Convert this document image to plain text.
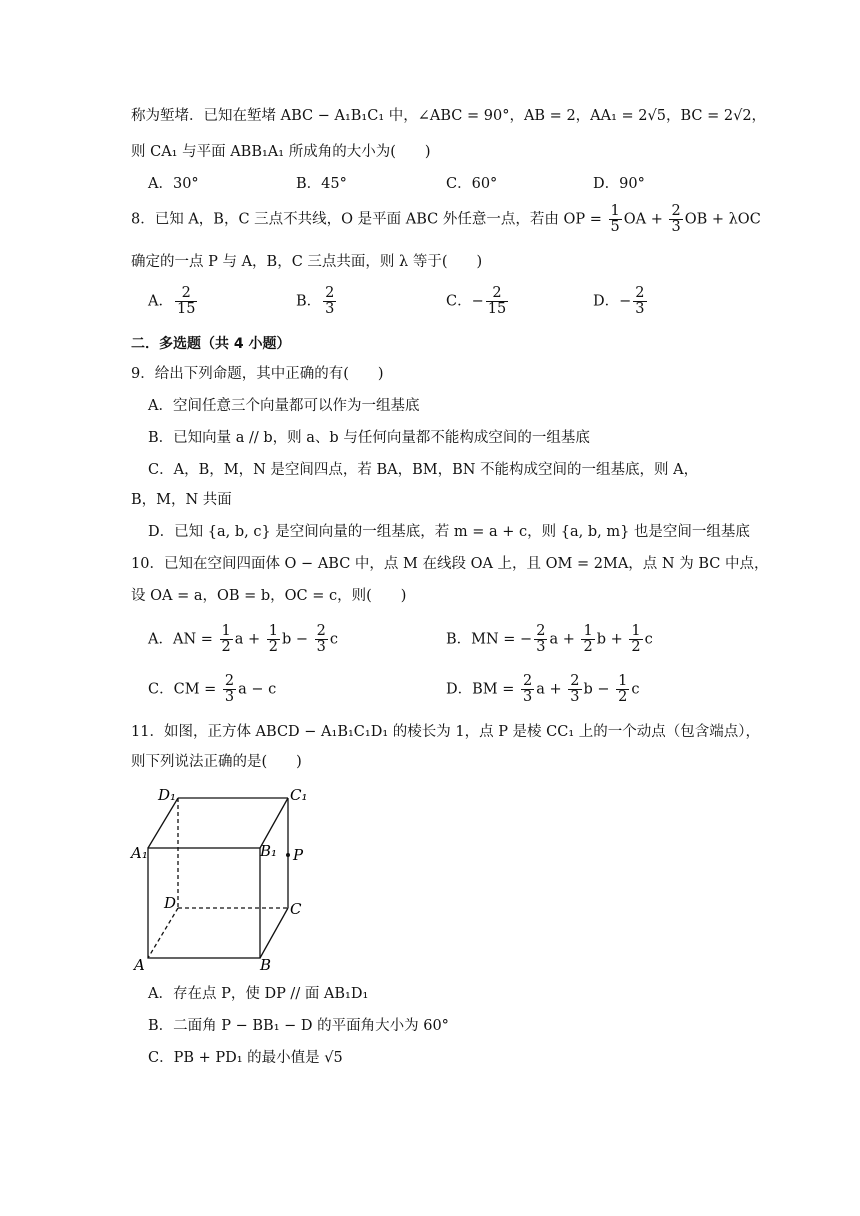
称为堑堵．已知在堑堵 ABC − A₁B₁C₁ 中，∠ABC = 90°，AB = 2，AA₁ = 2√5，BC = 2√2，
则 CA₁ 与平面 ABB₁A₁ 所成角的大小为(　　)
A．30°	B．45°	C．60°	D．90°
8．已知 A，B，C 三点不共线，O 是平面 ABC 外任意一点，若由 OP = $\frac{1}{5}$ OA + $\frac{2}{3}$ OB + λOC
确定的一点 P 与 A，B，C 三点共面，则 λ 等于(　　)
A． $\frac{2}{15}$	B． $\frac{2}{3}$	C．− $\frac{2}{15}$	D．− $\frac{2}{3}$
二．多选题（共 4 小题）
9．给出下列命题，其中正确的有(　　)
A．空间任意三个向量都可以作为一组基底
B．已知向量 a // b，则 a、b 与任何向量都不能构成空间的一组基底
C．A，B，M，N 是空间四点，若 BA，BM，BN 不能构成空间的一组基底，则 A，
B，M，N 共面
D．已知 {a, b, c} 是空间向量的一组基底，若 m = a + c，则 {a, b, m} 也是空间一组基底
10．已知在空间四面体 O − ABC 中，点 M 在线段 OA 上，且 OM = 2MA，点 N 为 BC 中点，
设 OA = a，OB = b，OC = c，则(　　)
A．AN = $\frac{1}{2}$ $a + \frac{1}{2}$ $b - \frac{2}{3}$ c	B．MN = − $\frac{2}{3}$ $a + \frac{1}{2}$ $b + \frac{1}{2}$ c
C．CM = $\frac{2}{3}$ a − c	D．BM = $\frac{2}{3}$ $a + \frac{2}{3}$ $b - \frac{1}{2}$ c
11．如图，正方体 ABCD − A₁B₁C₁D₁ 的棱长为 1，点 P 是棱 CC₁ 上的一个动点（包含端点），
则下列说法正确的是(　　)
D₁	C₁
A₁	B₁ P
D	C
A	B
A．存在点 P，使 DP // 面 AB₁D₁
B．二面角 P − BB₁ − D 的平面角大小为 60°
C．PB + PD₁ 的最小值是 √5
